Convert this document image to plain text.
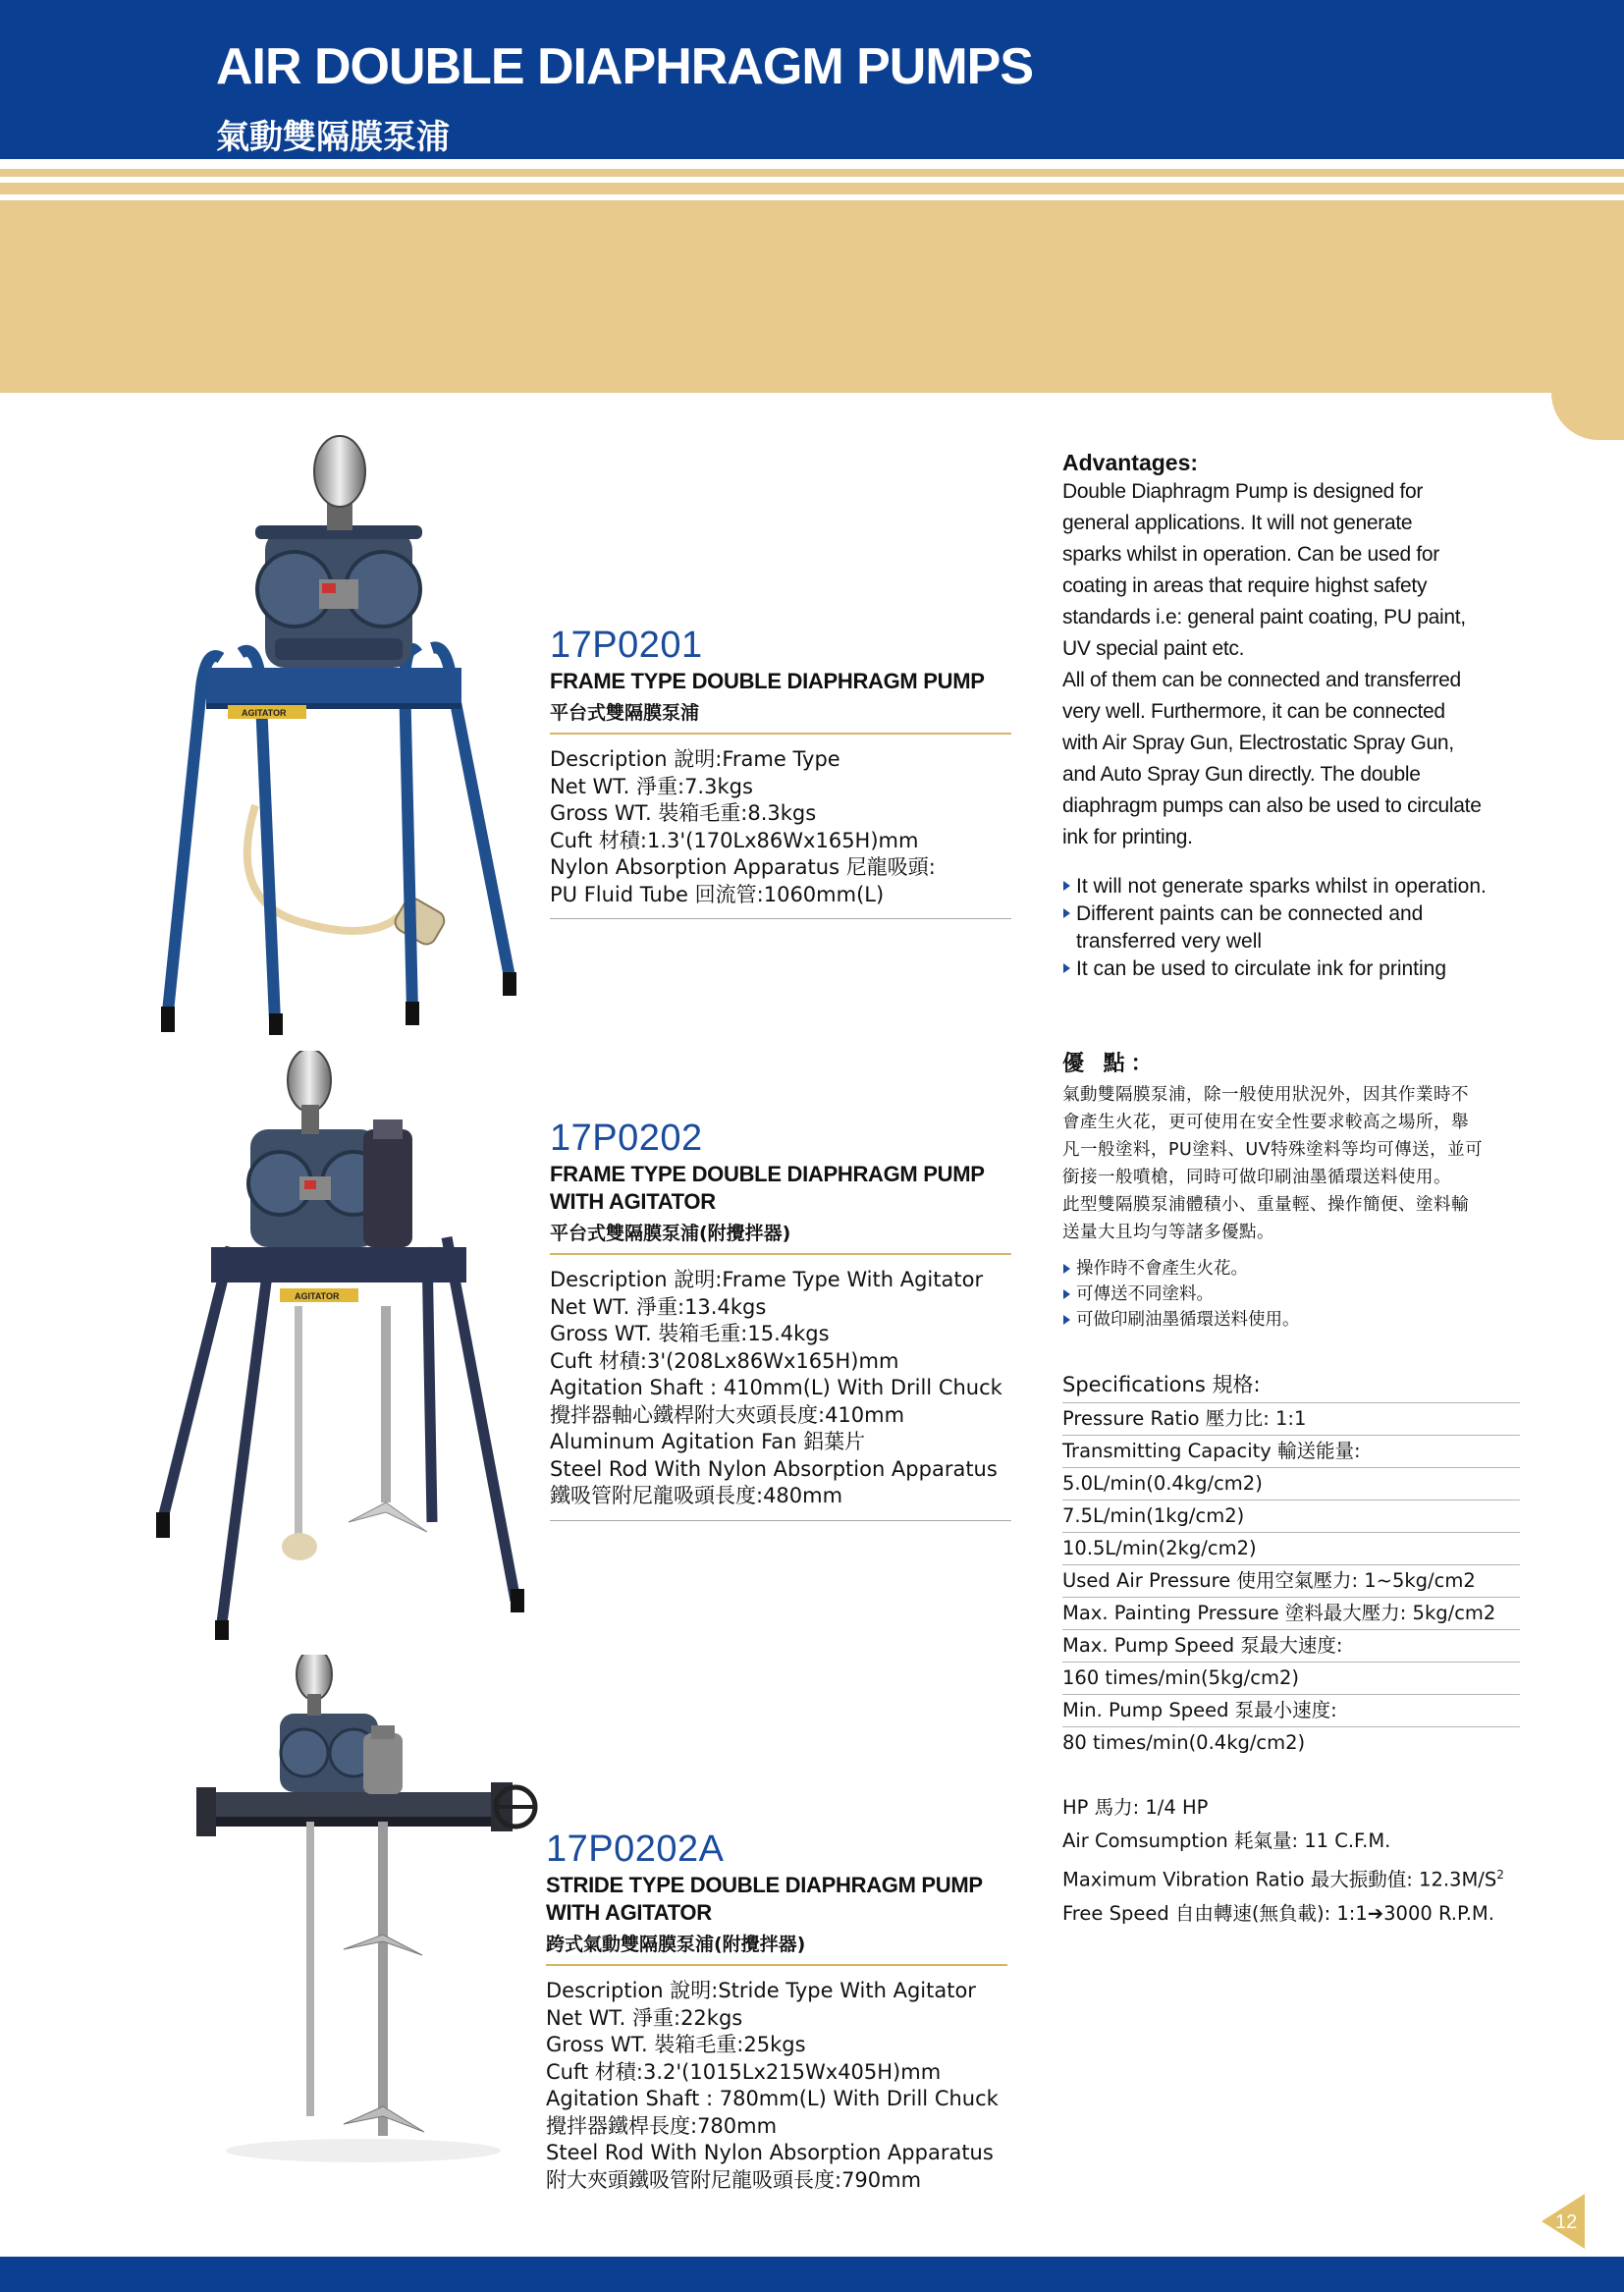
AIR DOUBLE DIAPHRAGM PUMPS
氣動雙隔膜泵浦
AGITATOR
AGITATOR
17P0201
FRAME TYPE DOUBLE DIAPHRAGM PUMP
平台式雙隔膜泵浦
Description 說明:Frame Type
Net WT. 淨重:7.3kgs
Gross WT. 裝箱毛重:8.3kgs
Cuft 材積:1.3'(170Lx86Wx165H)mm
Nylon Absorption Apparatus 尼龍吸頭:
PU Fluid Tube 回流管:1060mm(L)
17P0202
FRAME TYPE DOUBLE DIAPHRAGM PUMP
WITH AGITATOR
平台式雙隔膜泵浦(附攪拌器)
Description 說明:Frame Type With Agitator
Net WT. 淨重:13.4kgs
Gross WT. 裝箱毛重:15.4kgs
Cuft 材積:3'(208Lx86Wx165H)mm
Agitation Shaft : 410mm(L) With Drill Chuck
攪拌器軸心鐵桿附大夾頭長度:410mm
Aluminum Agitation Fan 鋁葉片
Steel Rod With Nylon Absorption Apparatus
鐵吸管附尼龍吸頭長度:480mm
17P0202A
STRIDE TYPE DOUBLE DIAPHRAGM PUMP
WITH AGITATOR
跨式氣動雙隔膜泵浦(附攪拌器)
Description 說明:Stride Type With Agitator
Net WT. 淨重:22kgs
Gross WT. 裝箱毛重:25kgs
Cuft 材積:3.2'(1015Lx215Wx405H)mm
Agitation Shaft : 780mm(L) With Drill Chuck
攪拌器鐵桿長度:780mm
Steel Rod With Nylon Absorption Apparatus
附大夾頭鐵吸管附尼龍吸頭長度:790mm
Advantages:
Double Diaphragm Pump is designed for
general applications. It will not generate
sparks whilst in operation. Can be used for
coating in areas that require highst safety
standards i.e: general paint coating, PU paint,
UV special paint etc.
All of them can be connected and transferred
very well. Furthermore, it can be connected
with Air Spray Gun, Electrostatic Spray Gun,
and Auto Spray Gun directly. The double
diaphragm pumps can also be used to circulate
ink for printing.
It will not generate sparks whilst in operation.
Different paints can be connected and
transferred very well
It can be used to circulate ink for printing
優 點：
氣動雙隔膜泵浦，除一般使用狀況外，因其作業時不
會產生火花，更可使用在安全性要求較高之場所，舉
凡一般塗料，PU塗料、UV特殊塗料等均可傳送，並可
銜接一般噴槍，同時可做印刷油墨循環送料使用。
此型雙隔膜泵浦體積小、重量輕、操作簡便、塗料輸
送量大且均勻等諸多優點。
操作時不會產生火花。
可傳送不同塗料。
可做印刷油墨循環送料使用。
Specifications 規格:
Pressure Ratio 壓力比: 1:1
Transmitting Capacity 輸送能量:
5.0L/min(0.4kg/cm2)
7.5L/min(1kg/cm2)
10.5L/min(2kg/cm2)
Used Air Pressure 使用空氣壓力: 1~5kg/cm2
Max. Painting Pressure 塗料最大壓力: 5kg/cm2
Max. Pump Speed 泵最大速度:
160 times/min(5kg/cm2)
Min. Pump Speed 泵最小速度:
80 times/min(0.4kg/cm2)
HP 馬力: 1/4 HP
Air Comsumption 耗氣量: 11 C.F.M.
Maximum Vibration Ratio 最大振動值: $12.3M/S^2$
Free Speed 自由轉速(無負載): 1:1➔3000 R.P.M.
12
